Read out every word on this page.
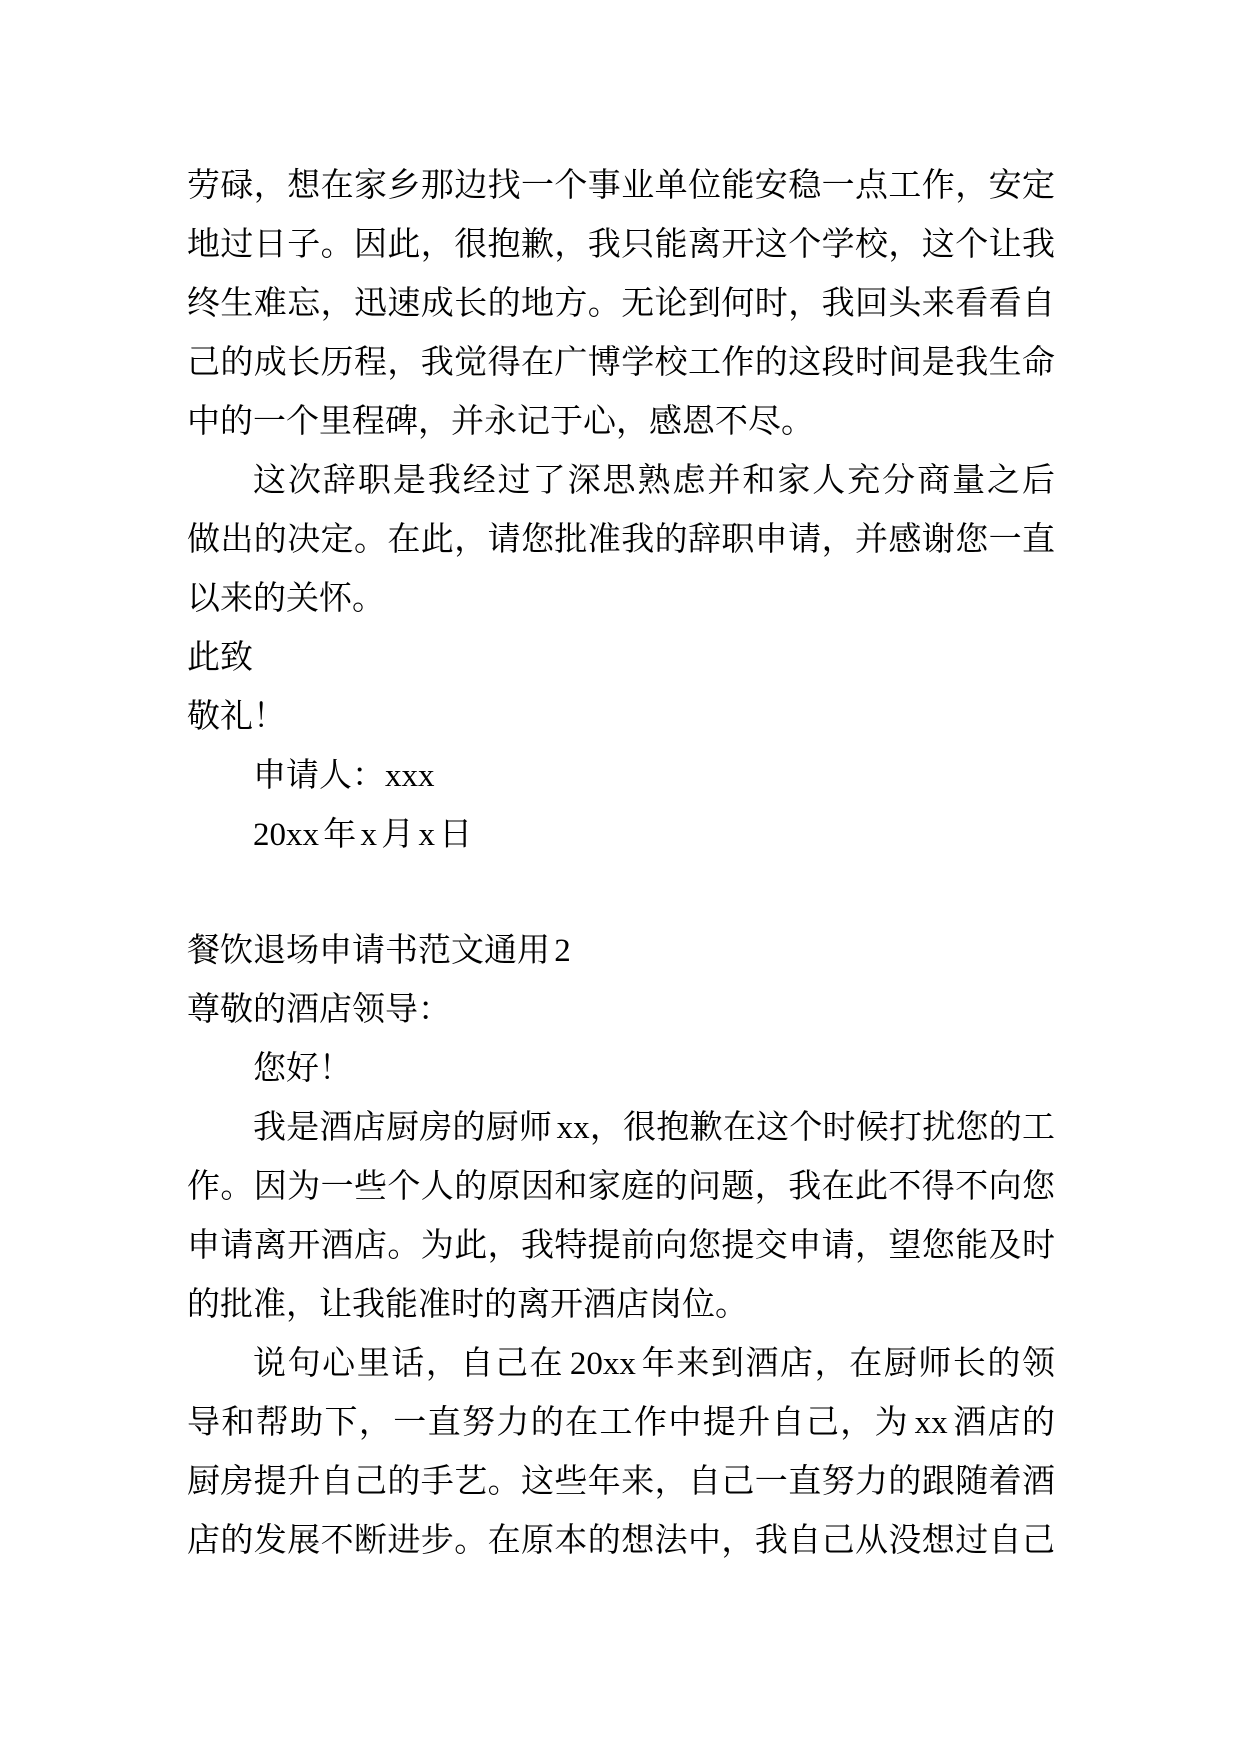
劳碌，想在家乡那边找一个事业单位能安稳一点工作，安定
地过日子。因此，很抱歉，我只能离开这个学校，这个让我
终生难忘，迅速成长的地方。无论到何时，我回头来看看自
己的成长历程，我觉得在广博学校工作的这段时间是我生命
中的一个里程碑，并永记于心，感恩不尽。
这次辞职是我经过了深思熟虑并和家人充分商量之后
做出的决定。在此，请您批准我的辞职申请，并感谢您一直
以来的关怀。
此致
敬礼！
申请人：xxx
20xx 年 x 月 x 日
餐饮退场申请书范文通用 2
尊敬的酒店领导：
您好！
我是酒店厨房的厨师 xx，很抱歉在这个时候打扰您的工
作。因为一些个人的原因和家庭的问题，我在此不得不向您
申请离开酒店。为此，我特提前向您提交申请，望您能及时
的批准，让我能准时的离开酒店岗位。
说句心里话，自己在 20xx 年来到酒店，在厨师长的领
导和帮助下，一直努力的在工作中提升自己，为 xx 酒店的
厨房提升自己的手艺。这些年来，自己一直努力的跟随着酒
店的发展不断进步。在原本的想法中，我自己从没想过自己
